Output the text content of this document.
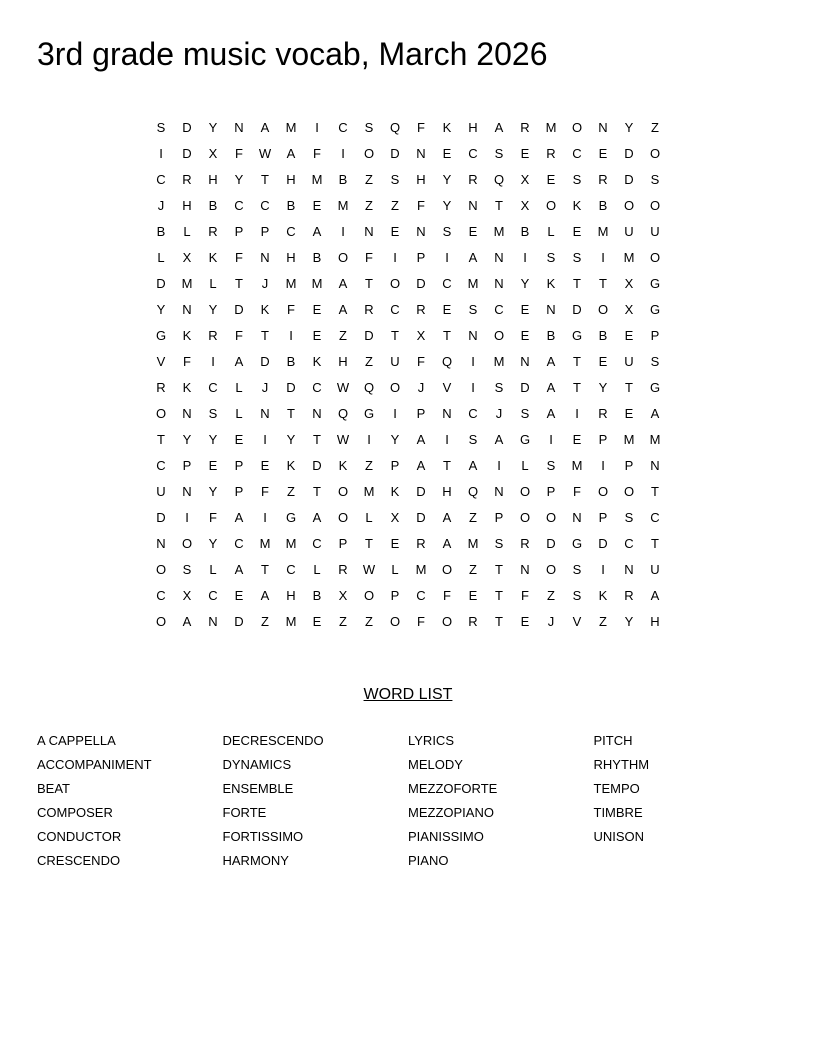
3rd grade music vocab, March 2026
S	D	Y	N	A	M	I	C	S	Q	F	K	H	A	R	M	O	N	Y	Z
I	D	X	F	W	A	F	I	O	D	N	E	C	S	E	R	C	E	D	O
C	R	H	Y	T	H	M	B	Z	S	H	Y	R	Q	X	E	S	R	D	S
J	H	B	C	C	B	E	M	Z	Z	F	Y	N	T	X	O	K	B	O	O
B	L	R	P	P	C	A	I	N	E	N	S	E	M	B	L	E	M	U	U
L	X	K	F	N	H	B	O	F	I	P	I	A	N	I	S	S	I	M	O
D	M	L	T	J	M	M	A	T	O	D	C	M	N	Y	K	T	T	X	G
Y	N	Y	D	K	F	E	A	R	C	R	E	S	C	E	N	D	O	X	G
G	K	R	F	T	I	E	Z	D	T	X	T	N	O	E	B	G	B	E	P
V	F	I	A	D	B	K	H	Z	U	F	Q	I	M	N	A	T	E	U	S
R	K	C	L	J	D	C	W	Q	O	J	V	I	S	D	A	T	Y	T	G
O	N	S	L	N	T	N	Q	G	I	P	N	C	J	S	A	I	R	E	A
T	Y	Y	E	I	Y	T	W	I	Y	A	I	S	A	G	I	E	P	M	M
C	P	E	P	E	K	D	K	Z	P	A	T	A	I	L	S	M	I	P	N
U	N	Y	P	F	Z	T	O	M	K	D	H	Q	N	O	P	F	O	O	T
D	I	F	A	I	G	A	O	L	X	D	A	Z	P	O	O	N	P	S	C
N	O	Y	C	M	M	C	P	T	E	R	A	M	S	R	D	G	D	C	T
O	S	L	A	T	C	L	R	W	L	M	O	Z	T	N	O	S	I	N	U
C	X	C	E	A	H	B	X	O	P	C	F	E	T	F	Z	S	K	R	A
O	A	N	D	Z	M	E	Z	Z	O	F	O	R	T	E	J	V	Z	Y	H
WORD LIST
A CAPPELLA
ACCOMPANIMENT
BEAT
COMPOSER
CONDUCTOR
CRESCENDO
DECRESCENDO
DYNAMICS
ENSEMBLE
FORTE
FORTISSIMO
HARMONY
LYRICS
MELODY
MEZZOFORTE
MEZZOPIANO
PIANISSIMO
PIANO
PITCH
RHYTHM
TEMPO
TIMBRE
UNISON
